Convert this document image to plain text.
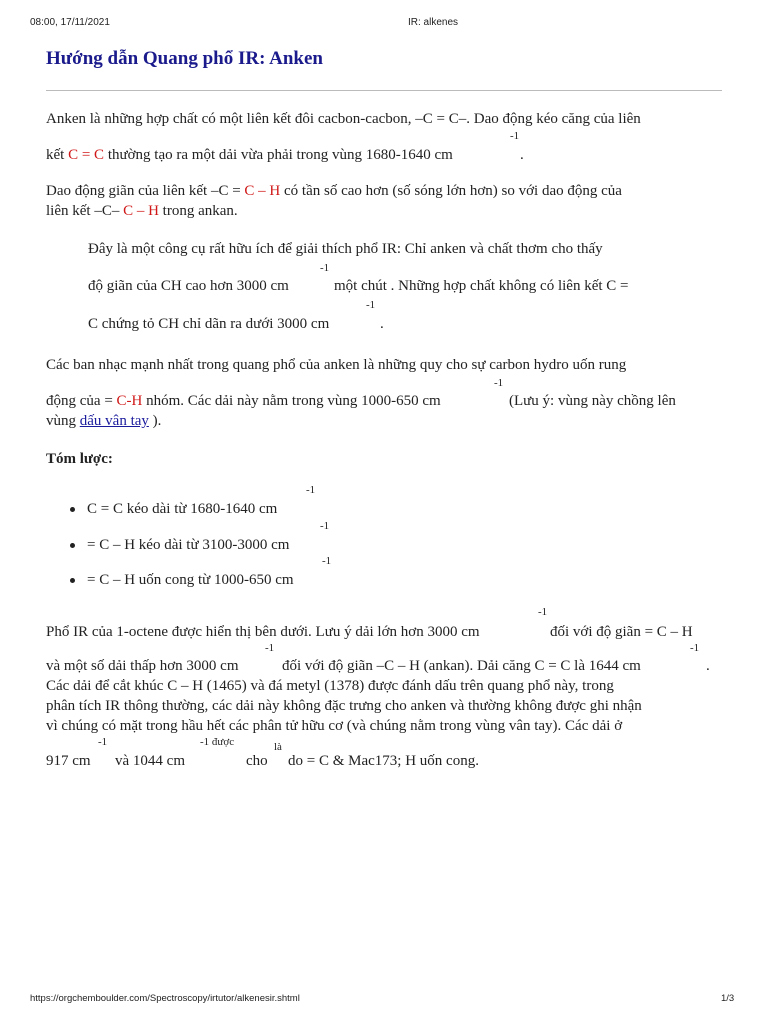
08:00, 17/11/2021	IR: alkenes
Hướng dẫn Quang phổ IR: Anken
Anken là những hợp chất có một liên kết đôi cacbon-cacbon, –C = C–. Dao động kéo căng của liên
kết C = C thường tạo ra một dải vừa phải trong vùng 1680-1640 cm
-1
.
Dao động giãn của liên kết –C = C – H có tần số cao hơn (số sóng lớn hơn) so với dao động của
liên kết –C– C – H trong ankan.
Đây là một công cụ rất hữu ích để giải thích phổ IR: Chỉ anken và chất thơm cho thấy
-1
độ giãn của CH cao hơn 3000 cm	một chút . Những hợp chất không có liên kết C =
-1
C chứng tỏ CH chỉ dãn ra dưới 3000 cm	.
Các ban nhạc mạnh nhất trong quang phổ của anken là những quy cho sự carbon hydro uốn rung
-1
động của = C-H nhóm. Các dải này nằm trong vùng 1000-650 cm	(Lưu ý: vùng này chồng lên
vùng dấu vân tay ).
Tóm lược:
C = C kéo dài từ 1680-1640 cm
-1
= C – H kéo dài từ 3100-3000 cm
-1
= C – H uốn cong từ 1000-650 cm
-1
-1
Phổ IR của 1-octene được hiển thị bên dưới. Lưu ý dải lớn hơn 3000 cm	đối với độ giãn = C – H
-1	-1
và một số dải thấp hơn 3000 cm	đối với độ giãn –C – H (ankan). Dải căng C = C là 1644 cm	.
Các dải để cắt khúc C – H (1465) và đá metyl (1378) được đánh dấu trên quang phổ này, trong
phân tích IR thông thường, các dải này không đặc trưng cho anken và thường không được ghi nhận
vì chúng có mặt trong hầu hết các phân tử hữu cơ (và chúng nằm trong vùng vân tay). Các dải ở
-1	-1 được	là
917 cm và 1044 cm	cho do = C & Mac173; H uốn cong.
https://orgchemboulder.com/Spectroscopy/irtutor/alkenesir.shtml	1/3
